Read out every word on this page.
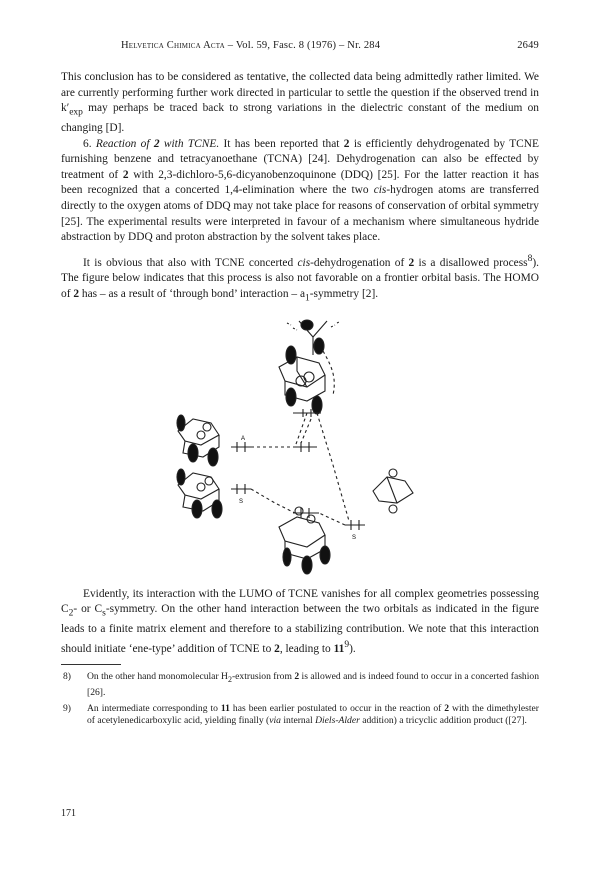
Helvetica Chimica Acta – Vol. 59, Fasc. 8 (1976) – Nr. 284	2649

This conclusion has to be considered as tentative, the collected data being admittedly rather limited. We are currently performing further work directed in particular to settle the question if the observed trend in $k'_{exp}$ may perhaps be traced back to strong variations in the dielectric constant of the medium on changing [D].

6. Reaction of 2 with TCNE. It has been reported that 2 is efficiently dehydrogenated by TCNE furnishing benzene and tetracyanoethane (TCNA) [24]. Dehydrogenation can also be effected by treatment of 2 with 2,3-dichloro-5,6-dicyanobenzoquinone (DDQ) [25]. For the latter reaction it has been recognized that a concerted 1,4-elimination where the two cis-hydrogen atoms are transferred directly to the oxygen atoms of DDQ may not take place for reasons of conservation of orbital symmetry [25]. The experimental results were interpreted in favour of a mechanism where simultaneous hydride abstraction by DDQ and proton abstraction by the solvent takes place.

It is obvious that also with TCNE concerted cis-dehydrogenation of 2 is a disallowed process$^8$). The figure below indicates that this process is also not favorable on a frontier orbital basis. The HOMO of 2 has – as a result of ‘through bond’ interaction – $a_1$-symmetry [2].

A
S
S

Evidently, its interaction with the LUMO of TCNE vanishes for all complex geometries possessing $C_2-$ or $C_s$-symmetry. On the other hand interaction between the two orbitals as indicated in the figure leads to a finite matrix element and therefore to a stabilizing contribution. We note that this interaction should initiate ‘ene-type’ addition of TCNE to 2, leading to $11^9$).

8) On the other hand monomolecular $H_2$-extrusion from 2 is allowed and is indeed found to occur in a concerted fashion [26].
9) An intermediate corresponding to 11 has been earlier postulated to occur in the reaction of 2 with the dimethylester of acetylenedicarboxylic acid, yielding finally (via internal Diels-Alder addition) a tricyclic addition product ([27].
171
